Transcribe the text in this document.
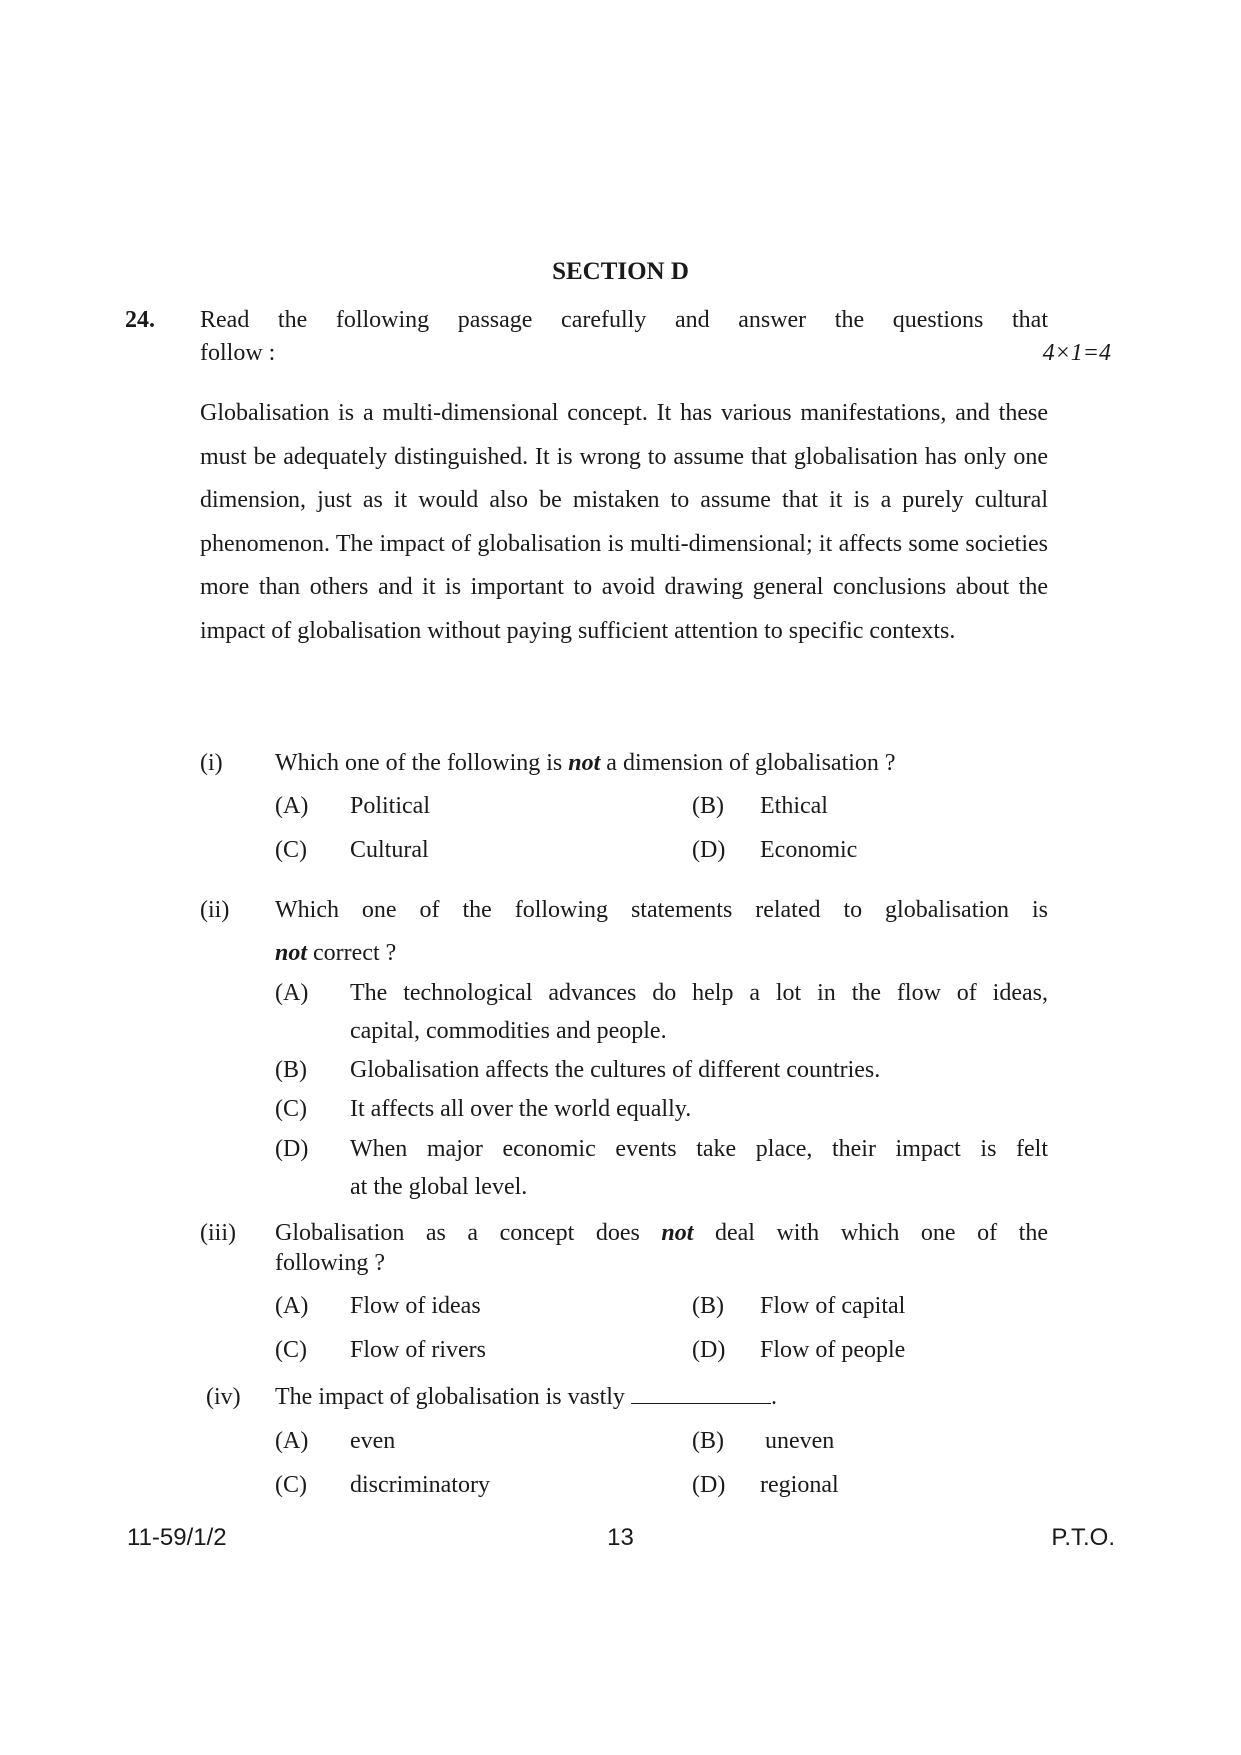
SECTION D
24. Read the following passage carefully and answer the questions that
follow :	4×1=4
Globalisation is a multi-dimensional concept. It has various manifestations, and these must be adequately distinguished. It is wrong to assume that globalisation has only one dimension, just as it would also be mistaken to assume that it is a purely cultural phenomenon. The impact of globalisation is multi-dimensional; it affects some societies more than others and it is important to avoid drawing general conclusions about the impact of globalisation without paying sufficient attention to specific contexts.
(i) Which one of the following is not a dimension of globalisation ?
(A) Political	(B) Ethical
(C) Cultural	(D) Economic
(ii) Which one of the following statements related to globalisation is
not correct ?
(A) The technological advances do help a lot in the flow of ideas,
capital, commodities and people.
(B) Globalisation affects the cultures of different countries.
(C) It affects all over the world equally.
(D) When major economic events take place, their impact is felt
at the global level.
(iii) Globalisation as a concept does not deal with which one of the
following ?
(A) Flow of ideas	(B) Flow of capital
(C) Flow of rivers	(D) Flow of people
(iv) The impact of globalisation is vastly	.
(A) even	(B) uneven
(C) discriminatory	(D) regional
11-59/1/2	13	P.T.O.
